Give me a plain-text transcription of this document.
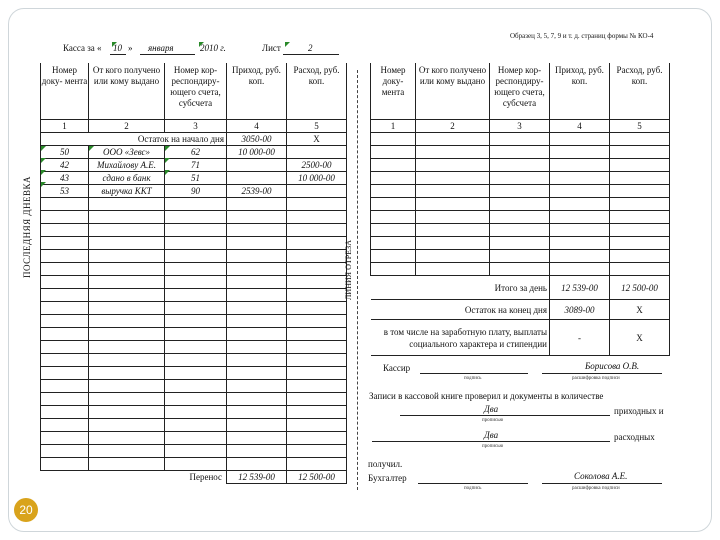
Образец 3, 5, 7, 9 и т. д. страниц формы № КО-4
Касса за « 10 » января	2010 г.	Лист	2
Номер доку- мента	От кого получено или кому выдано	Номер кор- респондиру- ющего счета, субсчета	Приход, руб. коп.	Расход, руб. коп.
1	2	3	4	5
Остаток на начало дня			3050-00	X
50	ООО «Зевс»	62	10 000-00	
42	Михайлову А.Е.	71		2500-00
43	сдано в банк	51		10 000-00
53	выручка ККТ	90	2539-00	

Перенос			12 539-00	12 500-00
ПОСЛЕДНЯЯ ДНЕВКА	ЛИНИЯ ОТРЕЗА
Номер доку- мента	От кого получено или кому выдано	Номер кор- респондиру- ющего счета, субсчета	Приход, руб. коп.	Расход, руб. коп.
1	2	3	4	5

Итого за день			12 539-00	12 500-00
Остаток на конец дня			3089-00	X
в том числе на заработную плату, выплаты социального характера и стипендии			-	X
Кассир
подпись
Борисова О.В.
расшифровка подписи
Записи в кассовой книге проверил и документы в количестве
Два	приходных и
прописью
Два	расходных
прописью
получил.
Бухгалтер
подпись
Соколова А.Е.
расшифровка подписи
20
